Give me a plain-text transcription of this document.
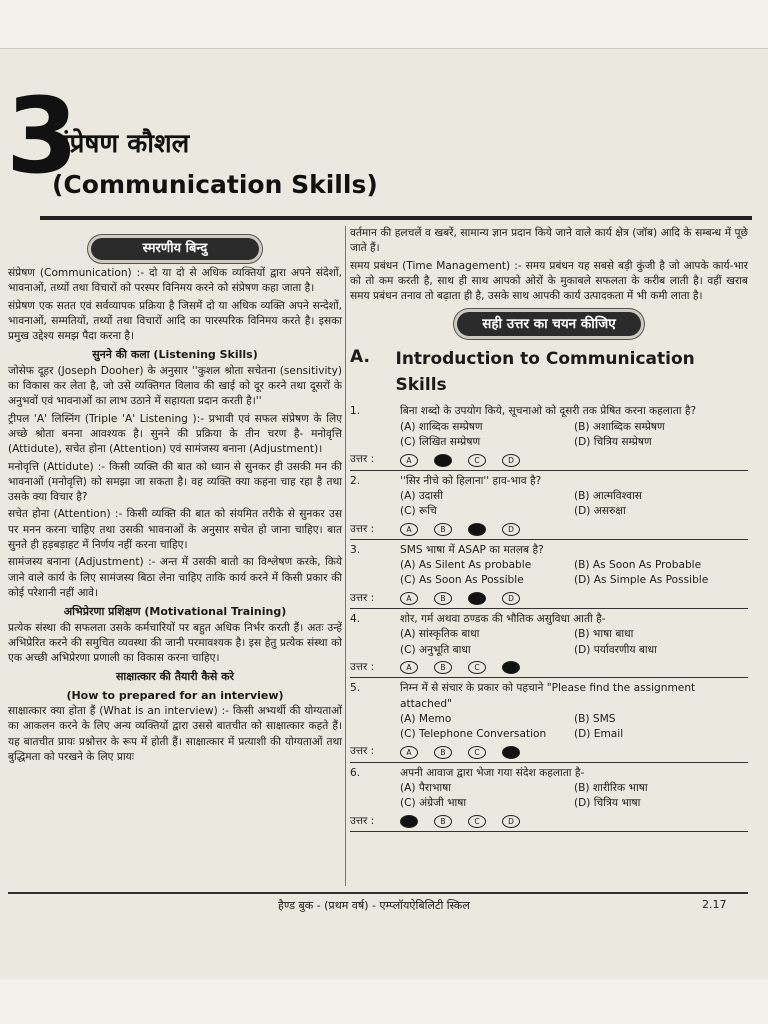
3
संप्रेषण कौशल
(Communication Skills)
स्मरणीय बिन्दु

संप्रेषण (Communication) :- दो या दो से अधिक व्यक्तियों द्वारा अपने संदेशों, भावनाओं, तथ्यों तथा विचारों को परस्पर विनिमय करने को संप्रेषण कहा जाता है।

संप्रेषण एक सतत एवं सर्वव्यापक प्रक्रिया है जिसमें दो या अधिक व्यक्ति अपने सन्देशों, भावनाओं, सम्मतियों, तथ्यों तथा विचारों आदि का पारस्परिक विनिमय करते है। इसका प्रमुख उद्देश्य समझ पैदा करना है।

सुनने की कला (Listening Skills)

जोसेफ दूहर (Joseph Dooher) के अनुसार ''कुशल श्रोता सचेतना (sensitivity) का विकास कर लेता है, जो उसे व्यक्तिगत विलाव की खाई को दूर करने तथा दूसरों के अनुभवों एवं भावनाओं का लाभ उठाने में सहायता प्रदान करती है।''

ट्रीपल 'A' लिस्निंग (Triple 'A' Listening ):- प्रभावी एवं सफल संप्रेषण के लिए अच्छे श्रोता बनना आवश्यक है। सुनने की प्रक्रिया के तीन चरण है- मनोवृत्ति (Attidute), सचेत होना (Attention) एवं सामंजस्य बनाना (Adjustment)।

मनोवृत्ति (Attidute) :- किसी व्यक्ति की बात को ध्यान से सुनकर ही उसकी मन की भावनाओं (मनोवृत्ति) को समझा जा सकता है। वह व्यक्ति क्या कहना चाह रहा है तथा उसके क्या विचार है?

सचेत होना (Attention) :- किसी व्यक्ति की बात को संयमित तरीके से सुनकर उस पर मनन करना चाहिए तथा उसकी भावनाओं के अनुसार सचेत हो जाना चाहिए। बात सुनते ही हड़बड़ाहट में निर्णय नहीं करना चाहिए।

सामंजस्य बनाना (Adjustment) :- अन्त में उसकी बातो का विश्लेषण करके, किये जाने वाले कार्य के लिए सामंजस्य बिठा लेना चाहिए ताकि कार्य करने में किसी प्रकार की कोई परेशानी नहीं आवे।

अभिप्रेरणा प्रशिक्षण (Motivational Training)

प्रत्येक संस्था की सफलता उसके कर्मचारियों पर बहुत अधिक निर्भर करती हैं। अतः उन्हें अभिप्रेरित करने की समुचित व्यवस्था की जानी परमावश्यक है। इस हेतु प्रत्येक संस्था को एक अच्छी अभिप्रेरणा प्रणाली का विकास करना चाहिए।

साक्षात्कार की तैयारी कैसे करे
(How to prepared for an interview)

साक्षात्कार क्या होता हैं (What is an interview) :- किसी अभ्यर्थी की योग्यताओं का आकलन करने के लिए अन्य व्यक्तियों द्वारा उससे बातचीत को साक्षात्कार कहते हैं। यह बातचीत प्रायः प्रश्नोत्तर के रूप में होती हैं। साक्षात्कार में प्रत्याशी की योग्यताओं तथा बुद्धिमता को परखने के लिए प्रायः

वर्तमान की हलचलें व खबरें, सामान्य ज्ञान प्रदान किये जाने वाले कार्य क्षेत्र (जॉब) आदि के सम्बन्ध में पूछे जाते हैं।

समय प्रबंधन (Time Management) :- समय प्रबंधन यह सबसे बड़ी कुंजी है जो आपके कार्य-भार को तो कम करती है, साथ ही साथ आपको ओरों के मुकाबले सफलता के करीब लाती है। वहीं खराब समय प्रबंधन तनाव तो बढ़ाता ही है, उसके साथ आपकी कार्य उत्पादकता में भी कमी लाता है।

सही उत्तर का चयन कीजिए
A.	Introduction to Communication Skills
1.	बिना शब्दो के उपयोग किये, सूचनाओ को दूसरी तक प्रेषित करना कहलाता है?
(A) शाब्दिक सम्प्रेषण	(B) अशाब्दिक सम्प्रेषण
(C) लिखित सम्प्रेषण	(D) चित्रिय सम्प्रेषण
उत्तर :	A	B	C	D
2.	''सिर नीचे को हिलाना'' हाव-भाव है?
(A) उदासी	(B) आत्मविश्वास
(C) रूचि	(D) असरुक्षा
उत्तर :	A	B	C	D
3.	SMS भाषा में ASAP का मतलब है?
(A) As Silent As probable	(B) As Soon As Probable
(C) As Soon As Possible	(D) As Simple As Possible
उत्तर :	A	B	C	D
4.	शोर, गर्म अथवा ठण्डक की भौतिक असुविधा आती है-
(A) सांस्कृतिक बाधा	(B) भाषा बाधा
(C) अनुभूति बाधा	(D) पर्यावरणीय बाधा
उत्तर :	A	B	C	D
5.	निम्न में से संचार के प्रकार को पहचाने "Please find the assignment attached"
(A) Memo	(B) SMS
(C) Telephone Conversation	(D) Email
उत्तर :	A	B	C	D
6.	अपनी आवाज द्वारा भेजा गया संदेश कहलाता है-
(A) पैराभाषा	(B) शारीरिक भाषा
(C) अंग्रेजी भाषा	(D) चित्रिय भाषा
उत्तर :	A	B	C	D
हैण्ड बुक - (प्रथम वर्ष) - एम्प्लॉयऐबिलिटी स्किल	2.17
